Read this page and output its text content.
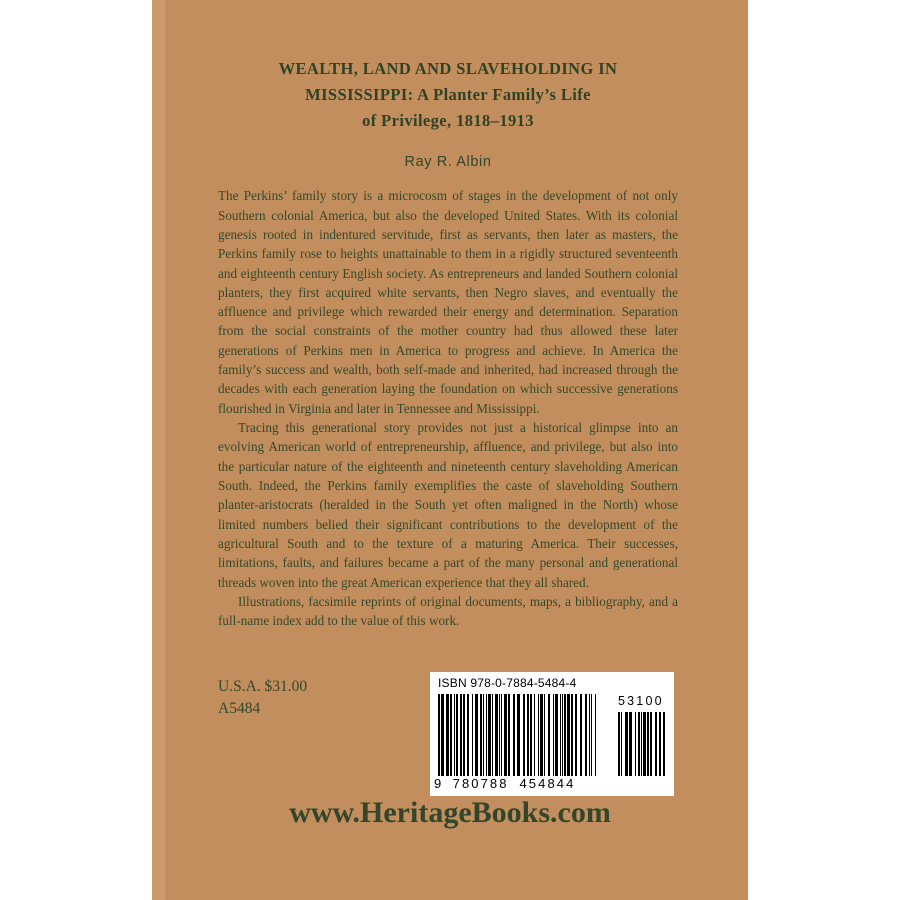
WEALTH, LAND AND SLAVEHOLDING IN
MISSISSIPPI: A Planter Family’s Life
of Privilege, 1818–1913
Ray R. Albin

The Perkins’ family story is a microcosm of stages in the development of not only Southern colonial America, but also the developed United States. With its colonial genesis rooted in indentured servitude, first as servants, then later as masters, the Perkins family rose to heights unattainable to them in a rigidly structured seventeenth and eighteenth century English society. As entrepreneurs and landed Southern colonial planters, they first acquired white servants, then Negro slaves, and eventually the affluence and privilege which rewarded their energy and determination. Separation from the social constraints of the mother country had thus allowed these later generations of Perkins men in America to progress and achieve. In America the family’s success and wealth, both self-made and inherited, had increased through the decades with each generation laying the foundation on which successive generations flourished in Virginia and later in Tennessee and Mississippi.

Tracing this generational story provides not just a historical glimpse into an evolving American world of entrepreneurship, affluence, and privilege, but also into the particular nature of the eighteenth and nineteenth century slaveholding American South. Indeed, the Perkins family exemplifies the caste of slaveholding Southern planter-aristocrats (heralded in the South yet often maligned in the North) whose limited numbers belied their significant contributions to the development of the agricultural South and to the texture of a maturing America. Their successes, limitations, faults, and failures became a part of the many personal and generational threads woven into the great American experience that they all shared.

Illustrations, facsimile reprints of original documents, maps, a bibliography, and a full-name index add to the value of this work.

U.S.A. $31.00
A5484
ISBN 978-0-7884-5484-4
53100
9 780788 454844
www.HeritageBooks.com
